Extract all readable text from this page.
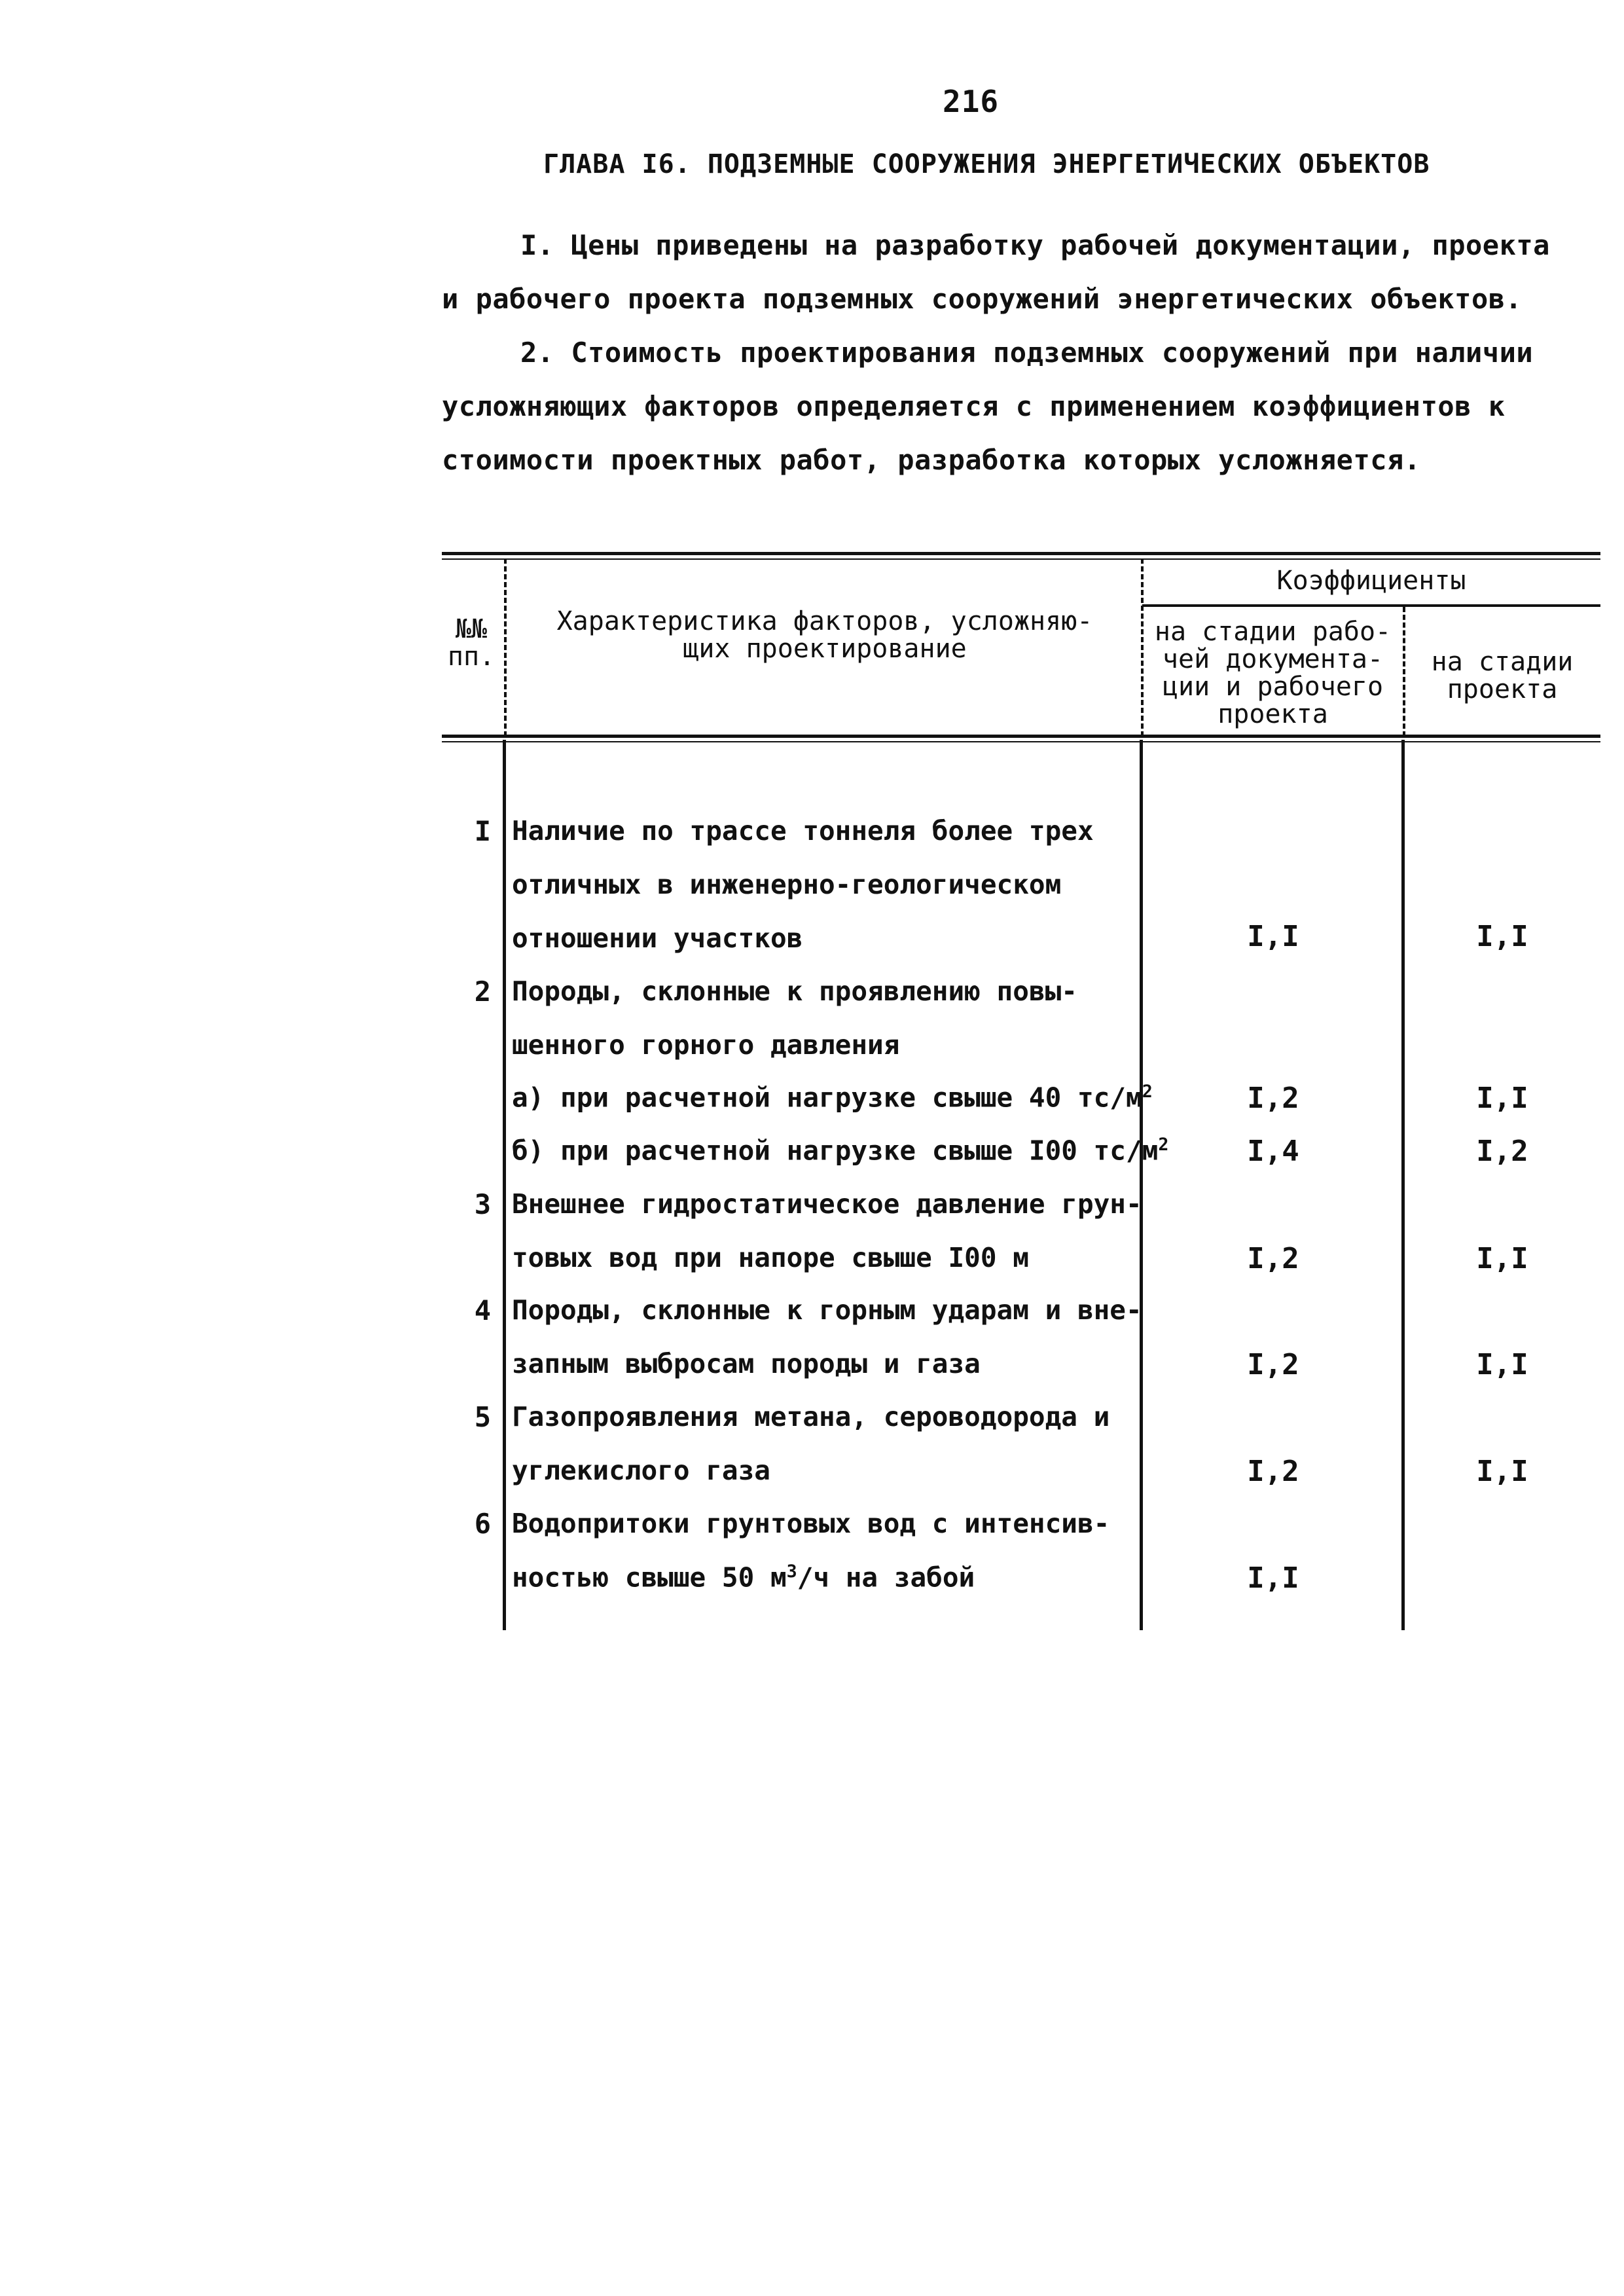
216
ГЛАВА I6. ПОДЗЕМНЫЕ СООРУЖЕНИЯ ЭНЕРГЕТИЧЕСКИХ ОБЪЕКТОВ
I. Цены приведены на разработку рабочей документации, проекта
и рабочего проекта подземных сооружений энергетических объектов.
2. Стоимость проектирования подземных сооружений при наличии
усложняющих факторов определяется с применением коэффициентов к
стоимости проектных работ, разработка которых усложняется.
№№
пп.
Характеристика факторов, усложняю-
щих проектирование
Коэффициенты
на стадии рабо-
чей документа-
ции и рабочего
проекта
на стадии
проекта
I Наличие по трассе тоннеля более трех
отличных в инженерно-геологическом
отношении участков	I,I	I,I
2 Породы, склонные к проявлению повы-
шенного горного давления
а) при расчетной нагрузке свыше 40 $тс/м^2$	I,2	I,I
б) при расчетной нагрузке свыше I00 $тс/м^2$	I,4	I,2
3 Внешнее гидростатическое давление грун-
товых вод при напоре свыше I00 м	I,2	I,I
4 Породы, склонные к горным ударам и вне-
запным выбросам породы и газа	I,2	I,I
5 Газопроявления метана, сероводорода и
углекислого газа	I,2	I,I
6 Водопритоки грунтовых вод с интенсив-
ностью свыше 50 $м^3/ч$ на забой	I,I
